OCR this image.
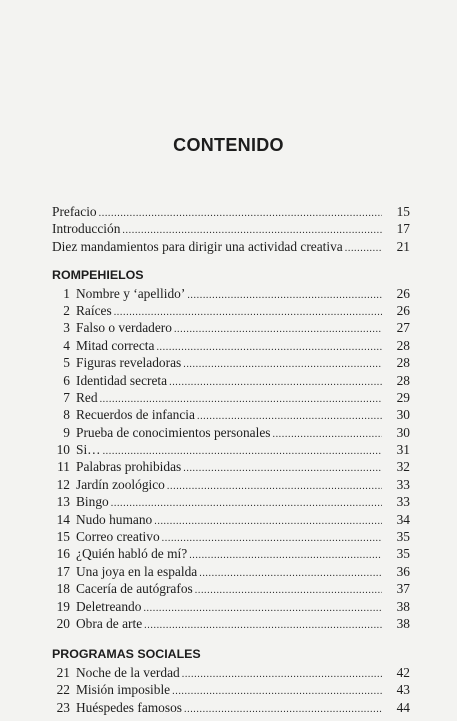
CONTENIDO
Prefacio .....	15
Introducción .....	17
Diez mandamientos para dirigir una actividad creativa .....	21
ROMPEHIELOS
1 Nombre y ‘apellido’ .....	26
2 Raíces .....	26
3 Falso o verdadero .....	27
4 Mitad correcta .....	28
5 Figuras reveladoras .....	28
6 Identidad secreta .....	28
7 Red .....	29
8 Recuerdos de infancia .....	30
9 Prueba de conocimientos personales .....	30
10 Si… .....	31
11 Palabras prohibidas .....	32
12 Jardín zoológico .....	33
13 Bingo .....	33
14 Nudo humano .....	34
15 Correo creativo .....	35
16 ¿Quién habló de mí? .....	35
17 Una joya en la espalda .....	36
18 Cacería de autógrafos .....	37
19 Deletreando .....	38
20 Obra de arte .....	38
PROGRAMAS SOCIALES
21 Noche de la verdad .....	42
22 Misión imposible .....	43
23 Huéspedes famosos .....	44
